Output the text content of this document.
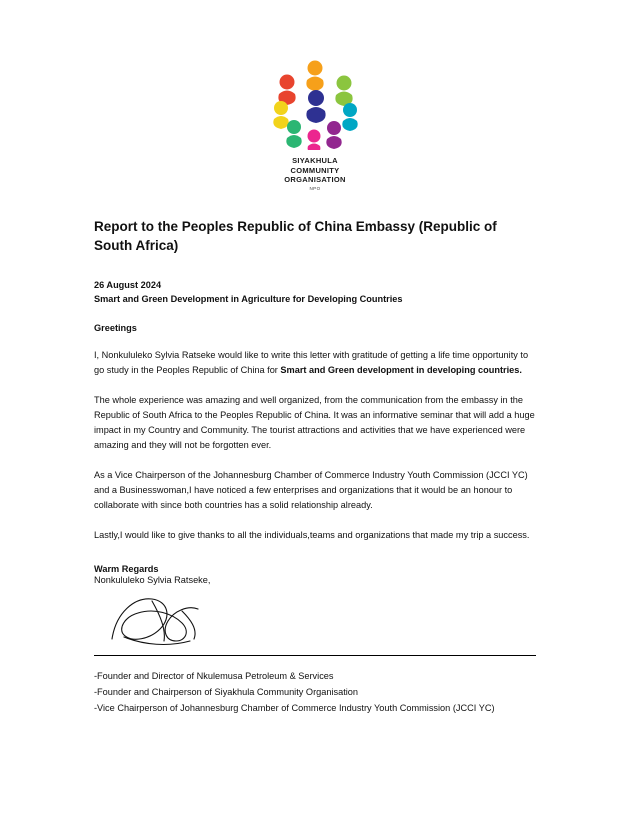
SIYAKHULA
COMMUNITY
ORGANISATION
NPO
Report to the Peoples Republic of China Embassy (Republic of South Africa)
26 August 2024
Smart and Green Development in Agriculture for Developing Countries
Greetings

I, Nonkululeko Sylvia Ratseke would like to write this letter with gratitude of getting a life time opportunity to go study in the Peoples Republic of China for Smart and Green development in developing countries.

The whole experience was amazing and well organized, from the communication from the embassy in the Republic of South Africa to the Peoples Republic of China. It was an informative seminar that will add a huge impact in my Country and Community. The tourist attractions and activities that we have experienced were amazing and they will not be forgotten ever.

As a Vice Chairperson of the Johannesburg Chamber of Commerce Industry Youth Commission (JCCI YC) and a Businesswoman,I have noticed a few enterprises and organizations that it would be an honour to collaborate with since both countries has a solid relationship already.

Lastly,I would like to give thanks to all the individuals,teams and organizations that made my trip a success.

Warm Regards
Nonkululeko Sylvia Ratseke,
-Founder and Director of Nkulemusa Petroleum & Services
-Founder and Chairperson of Siyakhula Community Organisation
-Vice Chairperson of Johannesburg Chamber of Commerce Industry Youth Commission (JCCI YC)
